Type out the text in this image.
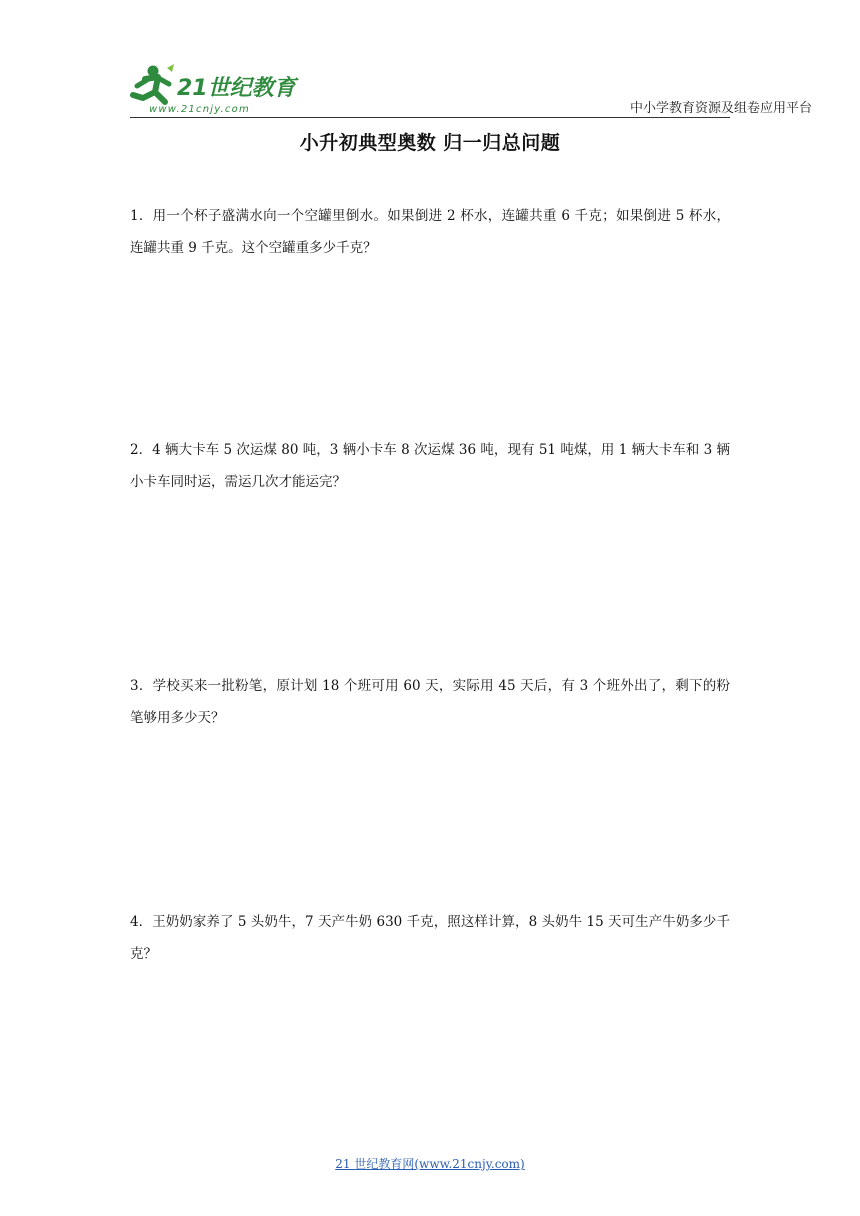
21世纪教育
www.21cnjy.com	中小学教育资源及组卷应用平台
小升初典型奥数 归一归总问题
1．用一个杯子盛满水向一个空罐里倒水。如果倒进 2 杯水，连罐共重 6 千克；如果倒进 5 杯水，连罐共重 9 千克。这个空罐重多少千克？
2．4 辆大卡车 5 次运煤 80 吨，3 辆小卡车 8 次运煤 36 吨，现有 51 吨煤，用 1 辆大卡车和 3 辆小卡车同时运，需运几次才能运完？
3．学校买来一批粉笔，原计划 18 个班可用 60 天，实际用 45 天后，有 3 个班外出了，剩下的粉笔够用多少天？
4．王奶奶家养了 5 头奶牛，7 天产牛奶 630 千克，照这样计算，8 头奶牛 15 天可生产牛奶多少千克？
21 世纪教育网(www.21cnjy.com)
